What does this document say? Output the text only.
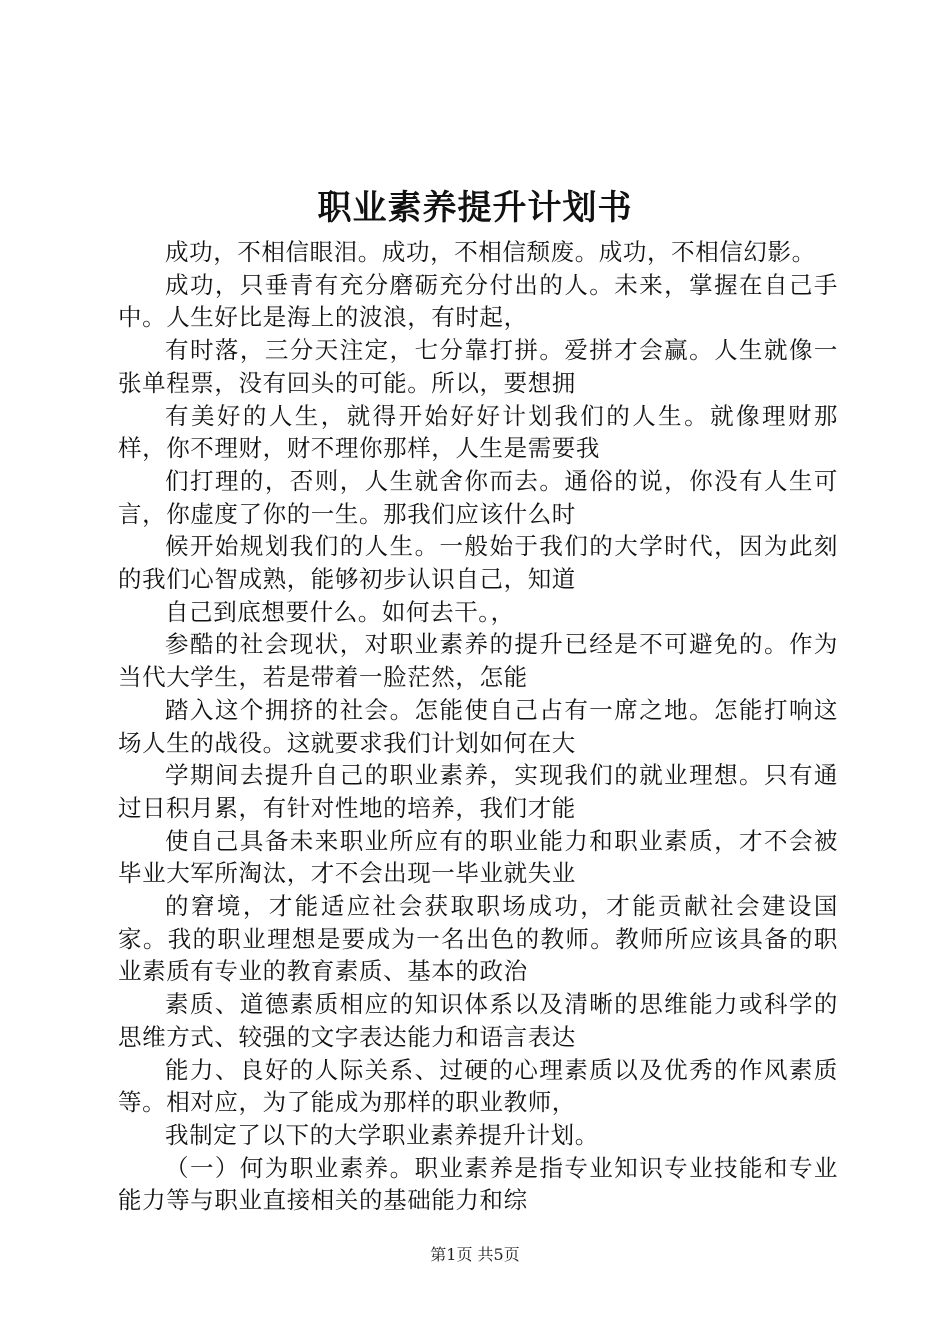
职业素养提升计划书

成功，不相信眼泪。成功，不相信颓废。成功，不相信幻影。

成功，只垂青有充分磨砺充分付出的人。未来，掌握在自己手中。人生好比是海上的波浪，有时起，

有时落，三分天注定，七分靠打拼。爱拼才会赢。人生就像一张单程票，没有回头的可能。所以，要想拥

有美好的人生，就得开始好好计划我们的人生。就像理财那样，你不理财，财不理你那样，人生是需要我

们打理的，否则，人生就舍你而去。通俗的说，你没有人生可言，你虚度了你的一生。那我们应该什么时

候开始规划我们的人生。一般始于我们的大学时代，因为此刻的我们心智成熟，能够初步认识自己，知道

自己到底想要什么。如何去干。，

参酷的社会现状，对职业素养的提升已经是不可避免的。作为当代大学生，若是带着一脸茫然，怎能

踏入这个拥挤的社会。怎能使自己占有一席之地。怎能打响这场人生的战役。这就要求我们计划如何在大

学期间去提升自己的职业素养，实现我们的就业理想。只有通过日积月累，有针对性地的培养，我们才能

使自己具备未来职业所应有的职业能力和职业素质，才不会被毕业大军所淘汰，才不会出现一毕业就失业

的窘境，才能适应社会获取职场成功，才能贡献社会建设国家。我的职业理想是要成为一名出色的教师。教师所应该具备的职业素质有专业的教育素质、基本的政治

素质、道德素质相应的知识体系以及清晰的思维能力或科学的思维方式、较强的文字表达能力和语言表达

能力、良好的人际关系、过硬的心理素质以及优秀的作风素质等。相对应，为了能成为那样的职业教师，

我制定了以下的大学职业素养提升计划。

（一）何为职业素养。职业素养是指专业知识专业技能和专业能力等与职业直接相关的基础能力和综

第1页 共5页
